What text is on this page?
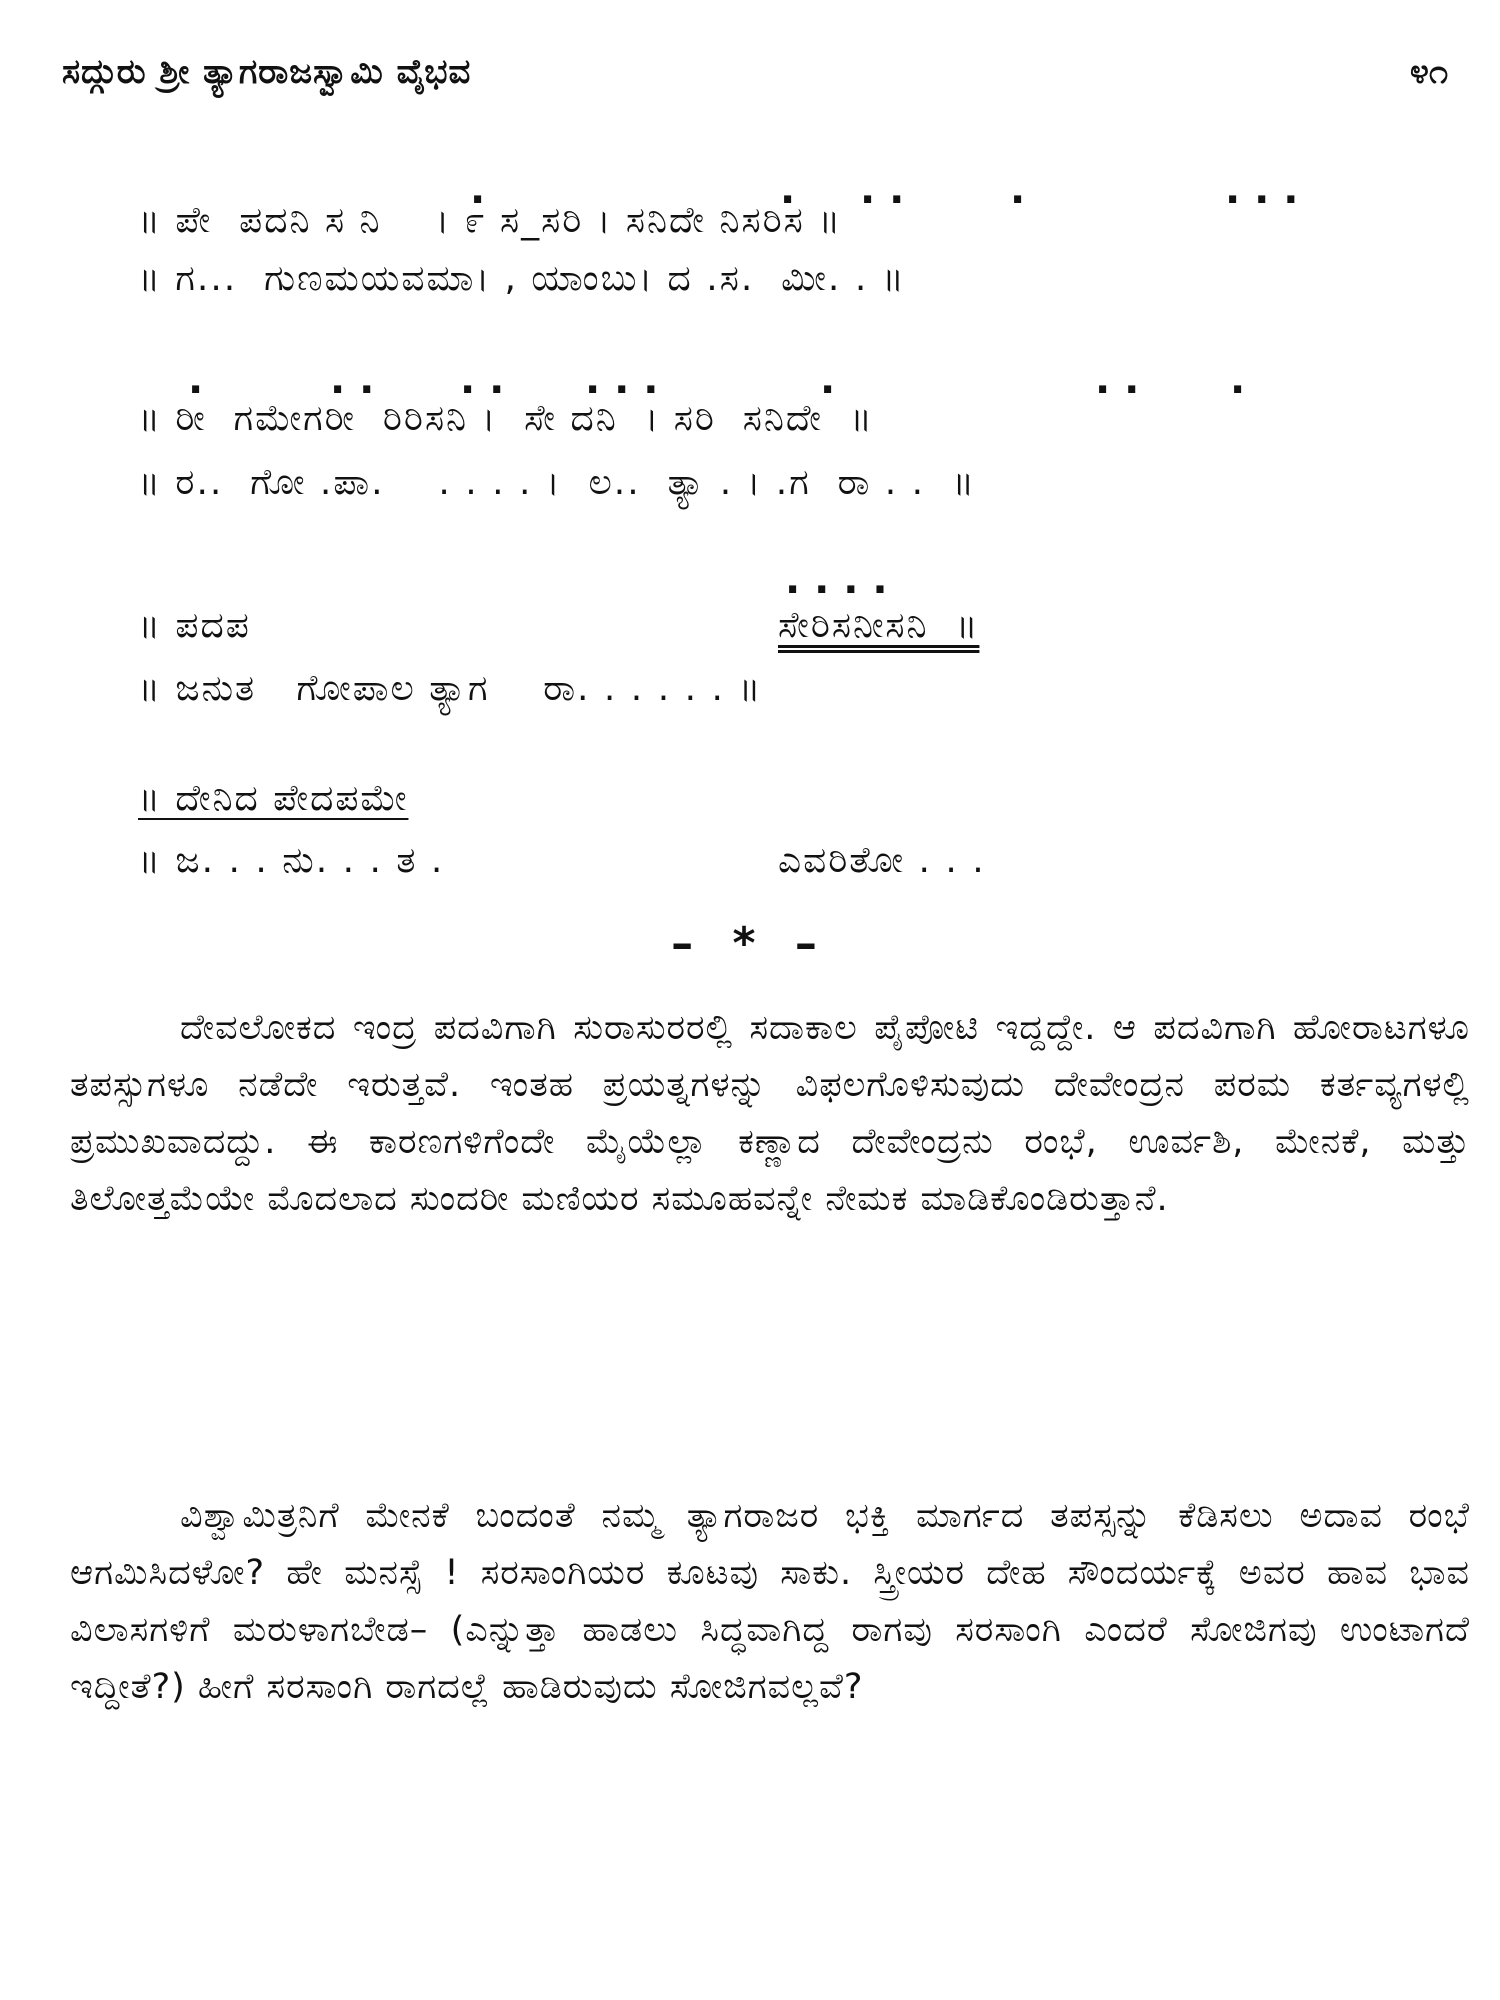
ಸದ್ಗುರು ಶ್ರೀ ತ್ಯಾಗರಾಜಸ್ವಾಮಿ ವೈಭವ	೪೧
.	. . .	.	. . .
॥ ಪೇ  ಪದನಿ ಸ ನಿ    । ೯ ಸ_ಸರಿ । ಸನಿದೇ ನಿಸರಿಸ ॥
॥ ಗ...  ಗುಣಮಯವಮಾ। , ಯಾಂಬು। ದ .ಸ.  ಮೀ. . ॥
.	. . . . . . .	.	. . .
॥ ರೀ  ಗಮೇಗರೀ  ರಿರಿಸನಿ ।  ಸೇ ದನಿ  । ಸರಿ  ಸನಿದೇ  ॥
॥ ರ..  ಗೋ .ಪಾ.    . . . . ।  ಲ..  ತ್ಯಾ . । .ಗ  ರಾ . .  ॥
. . . .
॥ ಪದಪ	ಸೇರಿಸನೀಸನಿ  ॥
॥ ಜನುತ   ಗೋಪಾಲ ತ್ಯಾಗ    ರಾ. . . . . . ॥
॥ ದೇನಿದ ಪೇದಪಮೇ
॥ ಜ. . . ನು. . . ತ .	ಎವರಿತೋ . . .
– * –

ದೇವಲೋಕದ ಇಂದ್ರ ಪದವಿಗಾಗಿ ಸುರಾಸುರರಲ್ಲಿ ಸದಾಕಾಲ ಪೈಪೋಟಿ ಇದ್ದದ್ದೇ. ಆ ಪದವಿಗಾಗಿ ಹೋರಾಟಗಳೂ ತಪಸ್ಸುಗಳೂ ನಡೆದೇ ಇರುತ್ತವೆ. ಇಂತಹ ಪ್ರಯತ್ನಗಳನ್ನು ವಿಫಲಗೊಳಿಸುವುದು ದೇವೇಂದ್ರನ ಪರಮ ಕರ್ತವ್ಯಗಳಲ್ಲಿ ಪ್ರಮುಖವಾದದ್ದು. ಈ ಕಾರಣಗಳಿಗೆಂದೇ ಮೈಯೆಲ್ಲಾ ಕಣ್ಣಾದ ದೇವೇಂದ್ರನು ರಂಭೆ, ಊರ್ವಶಿ, ಮೇನಕೆ, ಮತ್ತು ತಿಲೋತ್ತಮೆಯೇ ಮೊದಲಾದ ಸುಂದರೀ ಮಣಿಯರ ಸಮೂಹವನ್ನೇ ನೇಮಕ ಮಾಡಿಕೊಂಡಿರುತ್ತಾನೆ.

ವಿಶ್ವಾಮಿತ್ರನಿಗೆ ಮೇನಕೆ ಬಂದಂತೆ ನಮ್ಮ ತ್ಯಾಗರಾಜರ ಭಕ್ತಿ ಮಾರ್ಗದ ತಪಸ್ಸನ್ನು ಕೆಡಿಸಲು ಅದಾವ ರಂಭೆ ಆಗಮಿಸಿದಳೋ? ಹೇ ಮನಸ್ಸೆ ! ಸರಸಾಂಗಿಯರ ಕೂಟವು ಸಾಕು. ಸ್ತ್ರೀಯರ ದೇಹ ಸೌಂದರ್ಯಕ್ಕೆ ಅವರ ಹಾವ ಭಾವ ವಿಲಾಸಗಳಿಗೆ ಮರುಳಾಗಬೇಡ– (ಎನ್ನುತ್ತಾ ಹಾಡಲು ಸಿದ್ಧವಾಗಿದ್ದ ರಾಗವು ಸರಸಾಂಗಿ ಎಂದರೆ ಸೋಜಿಗವು ಉಂಟಾಗದೆ ಇದ್ದೀತೆ?) ಹೀಗೆ ಸರಸಾಂಗಿ ರಾಗದಲ್ಲೆ ಹಾಡಿರುವುದು ಸೋಜಿಗವಲ್ಲವೆ?
